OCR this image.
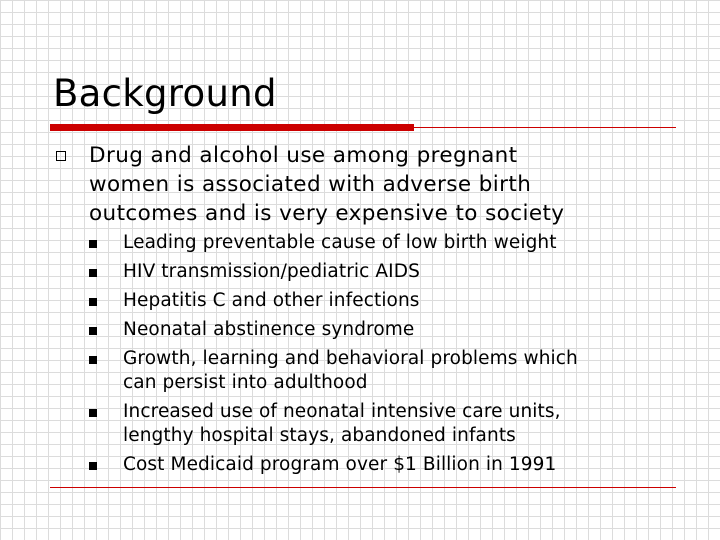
Background
Drug and alcohol use among pregnant
women is associated with adverse birth
outcomes and is very expensive to society
Leading preventable cause of low birth weight
HIV transmission/pediatric AIDS
Hepatitis C and other infections
Neonatal abstinence syndrome
Growth, learning and behavioral problems which
can persist into adulthood
Increased use of neonatal intensive care units,
lengthy hospital stays, abandoned infants
Cost Medicaid program over $1 Billion in 1991
